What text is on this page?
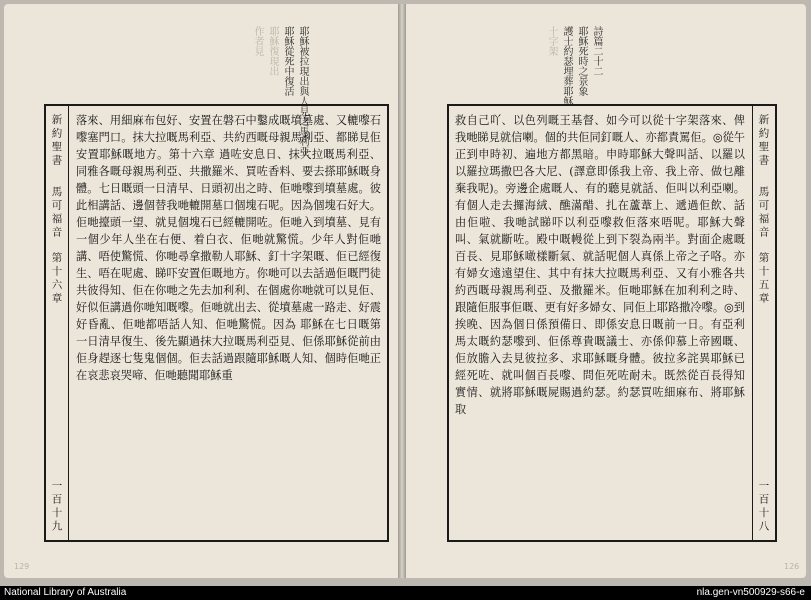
耶穌被拉現出與人見之馬利亞
耶穌從死中復活
耶穌復現出
作者見	詩篇二十二
耶穌死時之景象
護士約瑟埋葬耶穌
十字架
新約聖書
馬可福音
第十六章
一百十九
落來、用細麻布包好、安置在磐石中鑿成嘅墳墓處、又轆嚟石嚟塞門口。抹大拉嘅馬利亞、共約西嘅母親馬利亞、都睇見佢安置耶穌嘅地方。第十六章 過咗安息日、抹大拉嘅馬利亞、同雅各嘅母親馬利亞、共撒羅米、買咗香料、要去搽耶穌嘅身體。七日嘅頭一日清早、日頭初出之時、佢哋嚟到墳墓處。彼此相講話、邊個替我哋轆開墓口個塊石呢。因為個塊石好大。佢哋擡頭一望、就見個塊石已經轆開咗。佢哋入到墳墓、見有一個少年人坐在右便、着白衣、佢哋就驚慌。少年人對佢哋講、唔使驚慌、你哋尋拿撒勒人耶穌、釘十字架嘅、佢已經復生、唔在呢處、睇吓安置佢嘅地方。你哋可以去話過佢嘅門徒共彼得知、佢在你哋之先去加利利、在個處你哋就可以見佢、好似佢講過你哋知嘅嚟。佢哋就出去、從墳墓處一路走、好震好昏亂、佢哋都唔話人知、佢哋驚慌。因為 耶穌在七日嘅第一日清早復生、後先顯過抹大拉嘅馬利亞見、佢係耶穌從前由佢身趕逐七隻鬼個個。佢去話過跟隨耶穌嘅人知、個時佢哋正在哀悲哀哭啼、佢哋聽聞耶穌重
救自己吖、以色列嘅王基督、如今可以從十字架落來、俾我哋睇見就信喇。個的共佢同釘嘅人、亦都責罵佢。◎從午正到申時初、遍地方都黑暗。申時耶穌大聲叫話、以羅以以羅拉瑪撒巴各大尼、(譯意即係我上帝、我上帝、做乜離棄我呢)。旁邊企處嘅人、有的聽見就話、佢叫以利亞喇。有個人走去攞海絨、醮滿醋、扎在蘆葦上、遞過佢飲、話由佢啦、我哋試睇吓以利亞嚟救佢落來唔呢。耶穌大聲叫、氣就斷咗。殿中嘅幔從上到下裂為兩半。對面企處嘅百長、見耶穌噉樣斷氣、就話呢個人真係上帝之子咯。亦有婦女遠遠望住、其中有抹大拉嘅馬利亞、又有小雅各共約西嘅母親馬利亞、及撒羅米。佢哋耶穌在加利利之時、跟隨佢服事佢嘅、更有好多婦女、同佢上耶路撒冷嚟。◎到挨晚、因為個日係預備日、即係安息日嘅前一日。有亞利馬太嘅約瑟嚟到、佢係尊貴嘅議士、亦係仰慕上帝國嘅、佢放膽入去見彼拉多、求耶穌嘅身體。彼拉多詫異耶穌已經死咗、就叫個百長嚟、問佢死咗耐未。既然從百長得知實情、就將耶穌嘅屍賜過約瑟。約瑟買咗細麻布、將耶穌取
新約聖書
馬可福音
第十五章
一百十八
129	126
National Library of Australia	nla.gen-vn500929-s66-e
